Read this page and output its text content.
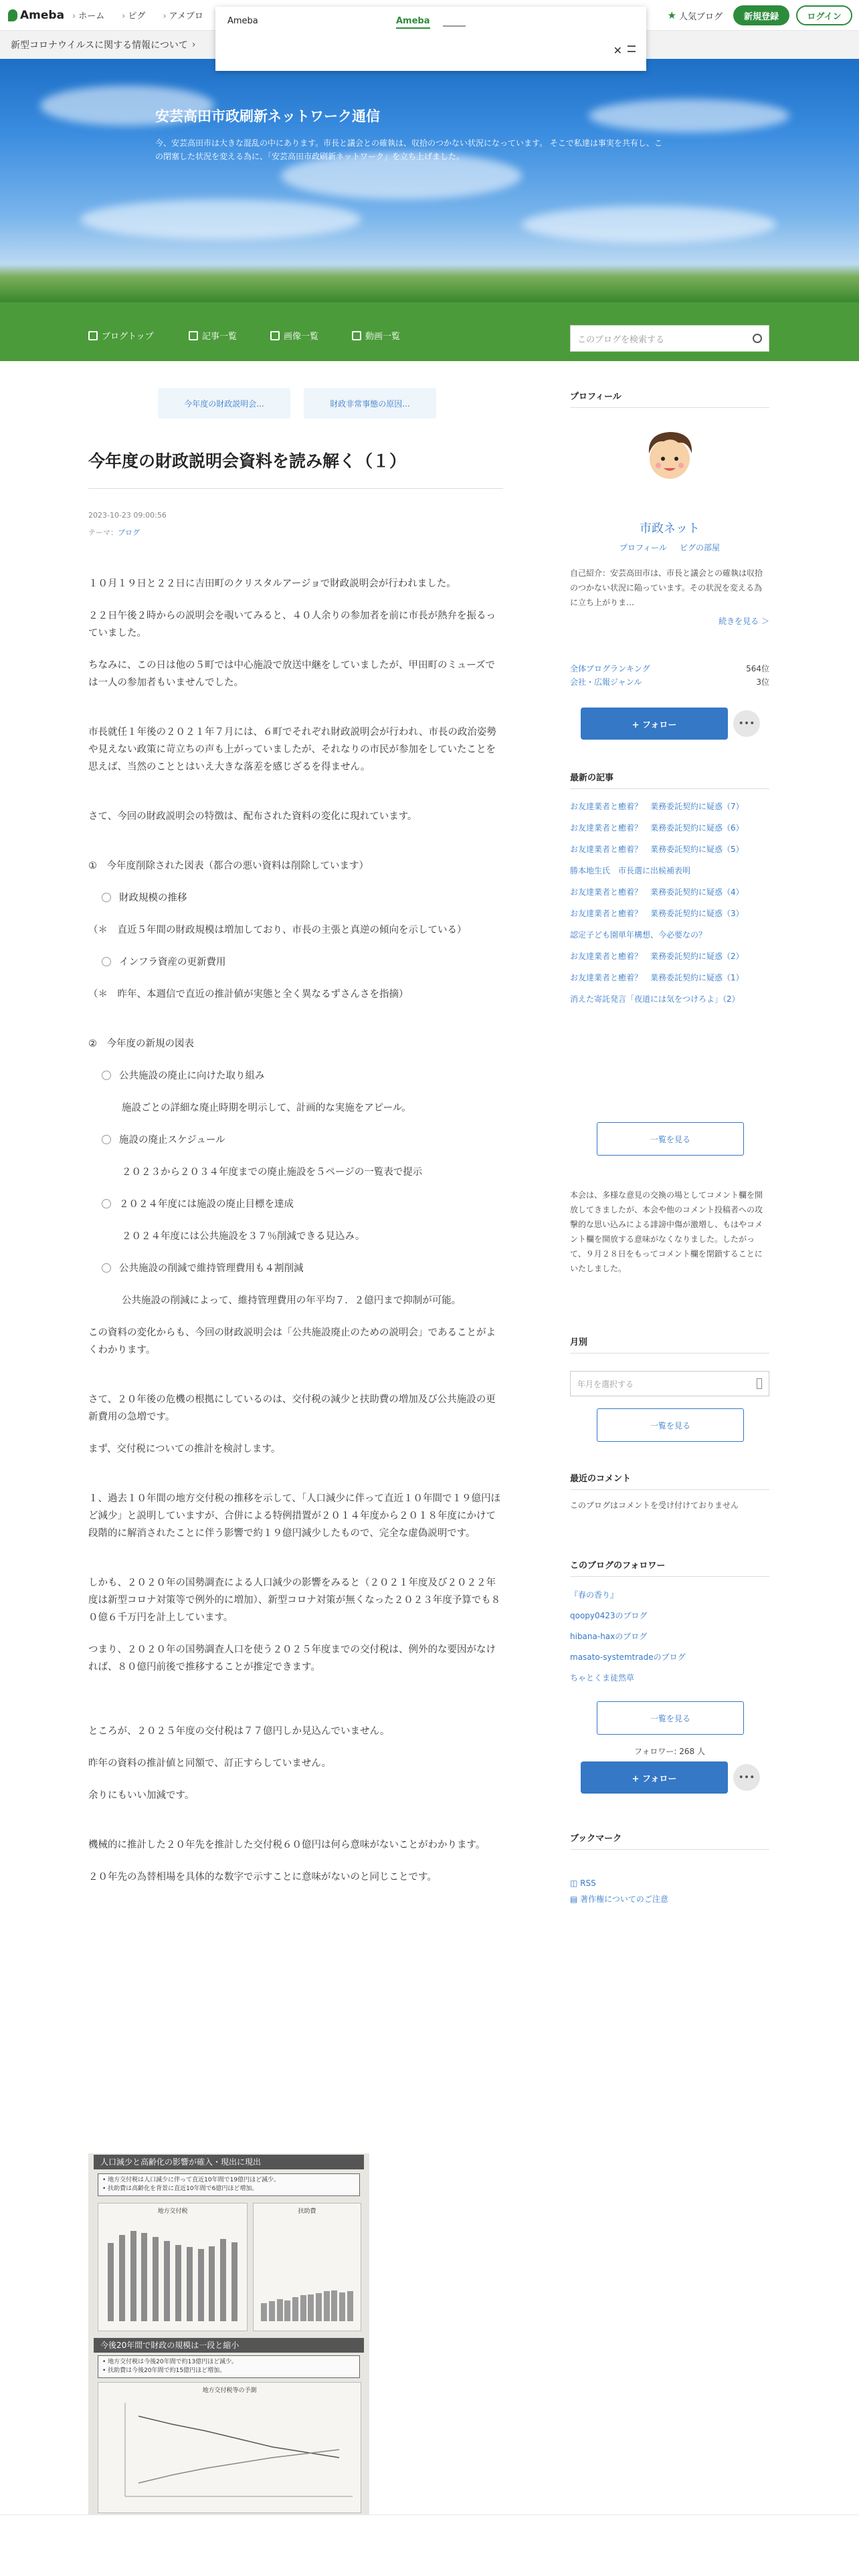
Ameba	› ホーム	› ピグ	› アメブロ	★ 人気ブログ	新規登録	ログイン
新型コロナウイルスに関する情報について ›
Ameba	Ameba
✕
安芸高田市政刷新ネットワーク通信
今、安芸高田市は大きな混乱の中にあります。市長と議会との確執は、収拾のつかない状況になっています。 そこで私達は事実を共有し、この閉塞した状況を変える為に、「安芸高田市政刷新ネットワーク」を立ち上げました。
ブログトップ	記事一覧	画像一覧	動画一覧	このブログを検索する
今年度の財政説明会...	財政非常事態の原因...
今年度の財政説明会資料を読み解く（１）
2023-10-23 09:00:56
テーマ：ブログ

１０月１９日と２２日に吉田町のクリスタルアージョで財政説明会が行われました。

２２日午後２時からの説明会を覗いてみると、４０人余りの参加者を前に市長が熱弁を振るっていました。

ちなみに、この日は他の５町では中心施設で放送中継をしていましたが、甲田町のミューズでは一人の参加者もいませんでした。

市長就任１年後の２０２１年７月には、６町でそれぞれ財政説明会が行われ、市長の政治姿勢や見えない政策に苛立ちの声も上がっていましたが、それなりの市民が参加をしていたことを思えば、当然のこととはいえ大きな落差を感じざるを得ません。

さて、今回の財政説明会の特徴は、配布された資料の変化に現れています。

①　今年度削除された図表（都合の悪い資料は削除しています）

財政規模の推移

（＊　直近５年間の財政規模は増加しており、市長の主張と真逆の傾向を示している）

インフラ資産の更新費用

（＊　昨年、本週信で直近の推計値が実態と全く異なるずさんさを指摘）

②　今年度の新規の図表

公共施設の廃止に向けた取り組み

施設ごとの詳細な廃止時期を明示して、計画的な実施をアピール。

施設の廃止スケジュール

２０２３から２０３４年度までの廃止施設を５ページの一覧表で提示

２０２４年度には施設の廃止目標を達成

２０２４年度には公共施設を３７％削減できる見込み。

公共施設の削減で維持管理費用も４割削減

公共施設の削減によって、維持管理費用の年平均７．２億円まで抑制が可能。

この資料の変化からも、今回の財政説明会は「公共施設廃止のための説明会」であることがよくわかります。

さて、２０年後の危機の根拠にしているのは、交付税の減少と扶助費の増加及び公共施設の更新費用の急増です。

まず、交付税についての推計を検討します。

１、過去１０年間の地方交付税の推移を示して、「人口減少に伴って直近１０年間で１９億円ほど減少」と説明していますが、合併による特例措置が２０１４年度から２０１８年度にかけて段階的に解消されたことに伴う影響で約１９億円減少したもので、完全な虚偽説明です。

しかも、２０２０年の国勢調査による人口減少の影響をみると（２０２１年度及び２０２２年度は新型コロナ対策等で例外的に増加）、新型コロナ対策が無くなった２０２３年度予算でも８０億６千万円を計上しています。

つまり、２０２０年の国勢調査人口を使う２０２５年度までの交付税は、例外的な要因がなければ、８０億円前後で推移することが推定できます。

ところが、２０２５年度の交付税は７７億円しか見込んでいません。

昨年の資料の推計値と同額で、訂正すらしていません。

余りにもいい加減です。

機械的に推計した２０年先を推計した交付税６０億円は何ら意味がないことがわかります。

２０年先の為替相場を具体的な数字で示すことに意味がないのと同じことです。

人口減少と高齢化の影響が確入・現出に現出
• 地方交付税は人口減少に伴って直近10年間で19億円ほど減少。
• 扶助費は高齢化を背景に直近10年間で6億円ほど増加。
地方交付税	扶助費
今後20年間で財政の規模は一段と縮小
• 地方交付税は今後20年間で約13億円ほど減少。
• 扶助費は今後20年間で約15億円ほど増加。
地方交付税等の予測
プロフィール
市政ネット
プロフィール ピグの部屋
自己紹介：安芸高田市は、市長と議会との確執は収拾のつかない状況に陥っています。その状況を変える為に立ち上がりま…
続きを見る ＞
全体ブログランキング	564位
会社・広報ジャンル	3位
+ フォロー	•••
最新の記事
お友達業者と癒着？　業務委託契約に疑惑（7）
お友達業者と癒着？　業務委託契約に疑惑（6）
お友達業者と癒着？　業務委託契約に疑惑（5）
勝本地生氏　市長選に出候補表明
お友達業者と癒着？　業務委託契約に疑惑（4）
お友達業者と癒着？　業務委託契約に疑惑（3）
認定子ども園単年構想、今必要なの？
お友達業者と癒着？　業務委託契約に疑惑（2）
お友達業者と癒着？　業務委託契約に疑惑（1）
消えた寄託発言「夜道には気をつけろよ」（2）
一覧を見る
本会は、多様な意見の交換の場としてコメント欄を開放してきましたが、本会や他のコメント投稿者への攻撃的な思い込みによる誹謗中傷が激増し、もはやコメント欄を開放する意味がなくなりました。したがって、９月２８日をもってコメント欄を閉鎖することにいたしました。
月別
年月を選択する
一覧を見る
最近のコメント
このブログはコメントを受け付けておりません
このブログのフォロワー
『春の香り』
qoopy0423のブログ
hibana-haxのブログ
masato-systemtradeのブログ
ちゃとくま徒然草
一覧を見る
フォロワー: 268 人
+ フォロー	•••
ブックマーク
◫ RSS
▤ 著作権についてのご注意
